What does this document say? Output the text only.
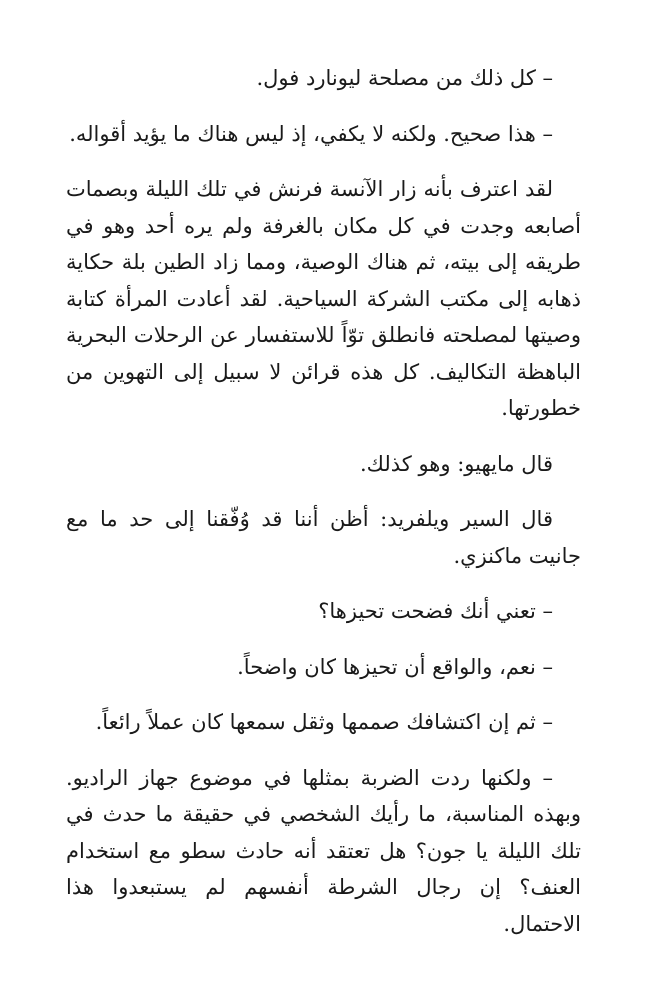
– كل ذلك من مصلحة ليونارد فول.

– هذا صحيح. ولكنه لا يكفي، إذ ليس هناك ما يؤيد أقواله.

لقد اعترف بأنه زار الآنسة فرنش في تلك الليلة وبصمات أصابعه وجدت في كل مكان بالغرفة ولم يره أحد وهو في طريقه إلى بيته، ثم هناك الوصية، ومما زاد الطين بلة حكاية ذهابه إلى مكتب الشركة السياحية. لقد أعادت المرأة كتابة وصيتها لمصلحته فانطلق توّاً للاستفسار عن الرحلات البحرية الباهظة التكاليف. كل هذه قرائن لا سبيل إلى التهوين من خطورتها.

قال مايهيو: وهو كذلك.

قال السير ويلفريد: أظن أننا قد وُفّقنا إلى حد ما مع جانيت ماكنزي.

– تعني أنك فضحت تحيزها؟

– نعم، والواقع أن تحيزها كان واضحاً.

– ثم إن اكتشافك صممها وثقل سمعها كان عملاً رائعاً.

– ولكنها ردت الضربة بمثلها في موضوع جهاز الراديو. وبهذه المناسبة، ما رأيك الشخصي في حقيقة ما حدث في تلك الليلة يا جون؟ هل تعتقد أنه حادث سطو مع استخدام العنف؟ إن رجال الشرطة أنفسهم لم يستبعدوا هذا الاحتمال.
